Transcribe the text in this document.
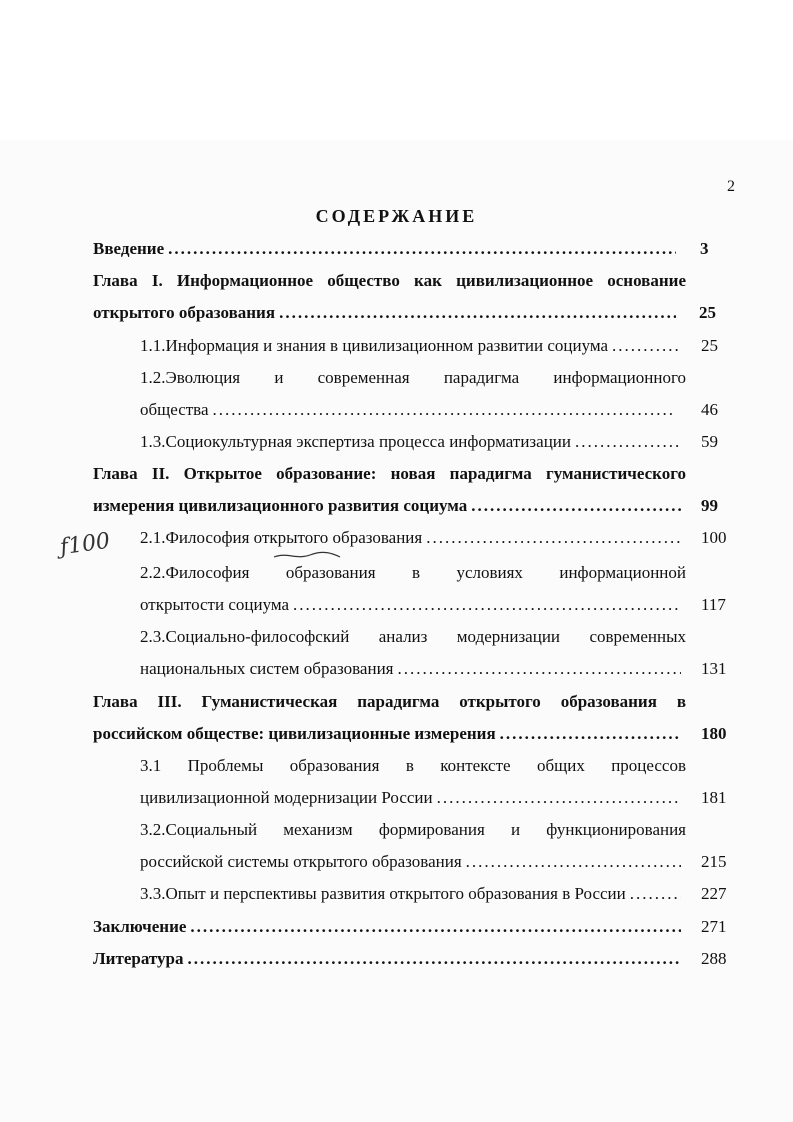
2
СОДЕРЖАНИЕ
Введение .....	3
Глава I. Информационное общество как цивилизационное основание
открытого образования .....	25
1.1.Информация и знания в цивилизационном развитии социума .....	25
1.2.Эволюция и современная парадигма информационного
общества .....	46
1.3.Социокультурная экспертиза процесса информатизации .....	59
Глава II. Открытое образование: новая парадигма гуманистического
измерения цивилизационного развития социума .....	99
2.1.Философия открытого образования .....	100
2.2.Философия образования в условиях информационной
открытости социума .....	117
2.3.Социально-философский анализ модернизации современных
национальных систем образования .....	131
Глава III. Гуманистическая парадигма открытого образования в
российском обществе: цивилизационные измерения .....	180
3.1 Проблемы образования в контексте общих процессов
цивилизационной модернизации России .....	181
3.2.Социальный механизм формирования и функционирования
российской системы открытого образования .....	215
3.3.Опыт и перспективы развития открытого образования в России .....	227
Заключение .....	271
Литература .....	288
ƒ100
